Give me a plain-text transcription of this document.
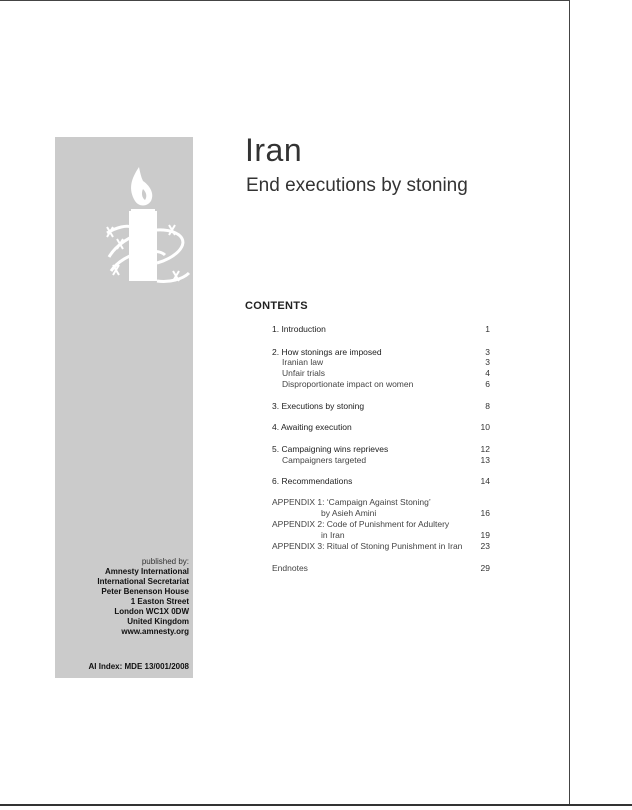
published by:
Amnesty International
International Secretariat
Peter Benenson House
1 Easton Street
London WC1X 0DW
United Kingdom
www.amnesty.org
AI Index: MDE 13/001/2008
Iran
End executions by stoning
CONTENTS
1. Introduction	1
2. How stonings are imposed	3
Iranian law	3
Unfair trials	4
Disproportionate impact on women	6
3. Executions by stoning	8
4. Awaiting execution	10
5. Campaigning wins reprieves	12
Campaigners targeted	13
6. Recommendations	14
APPENDIX 1: ‘Campaign Against Stoning’
by Asieh Amini	16
APPENDIX 2: Code of Punishment for Adultery
in Iran	19
APPENDIX 3: Ritual of Stoning Punishment in Iran 23
Endnotes	29
